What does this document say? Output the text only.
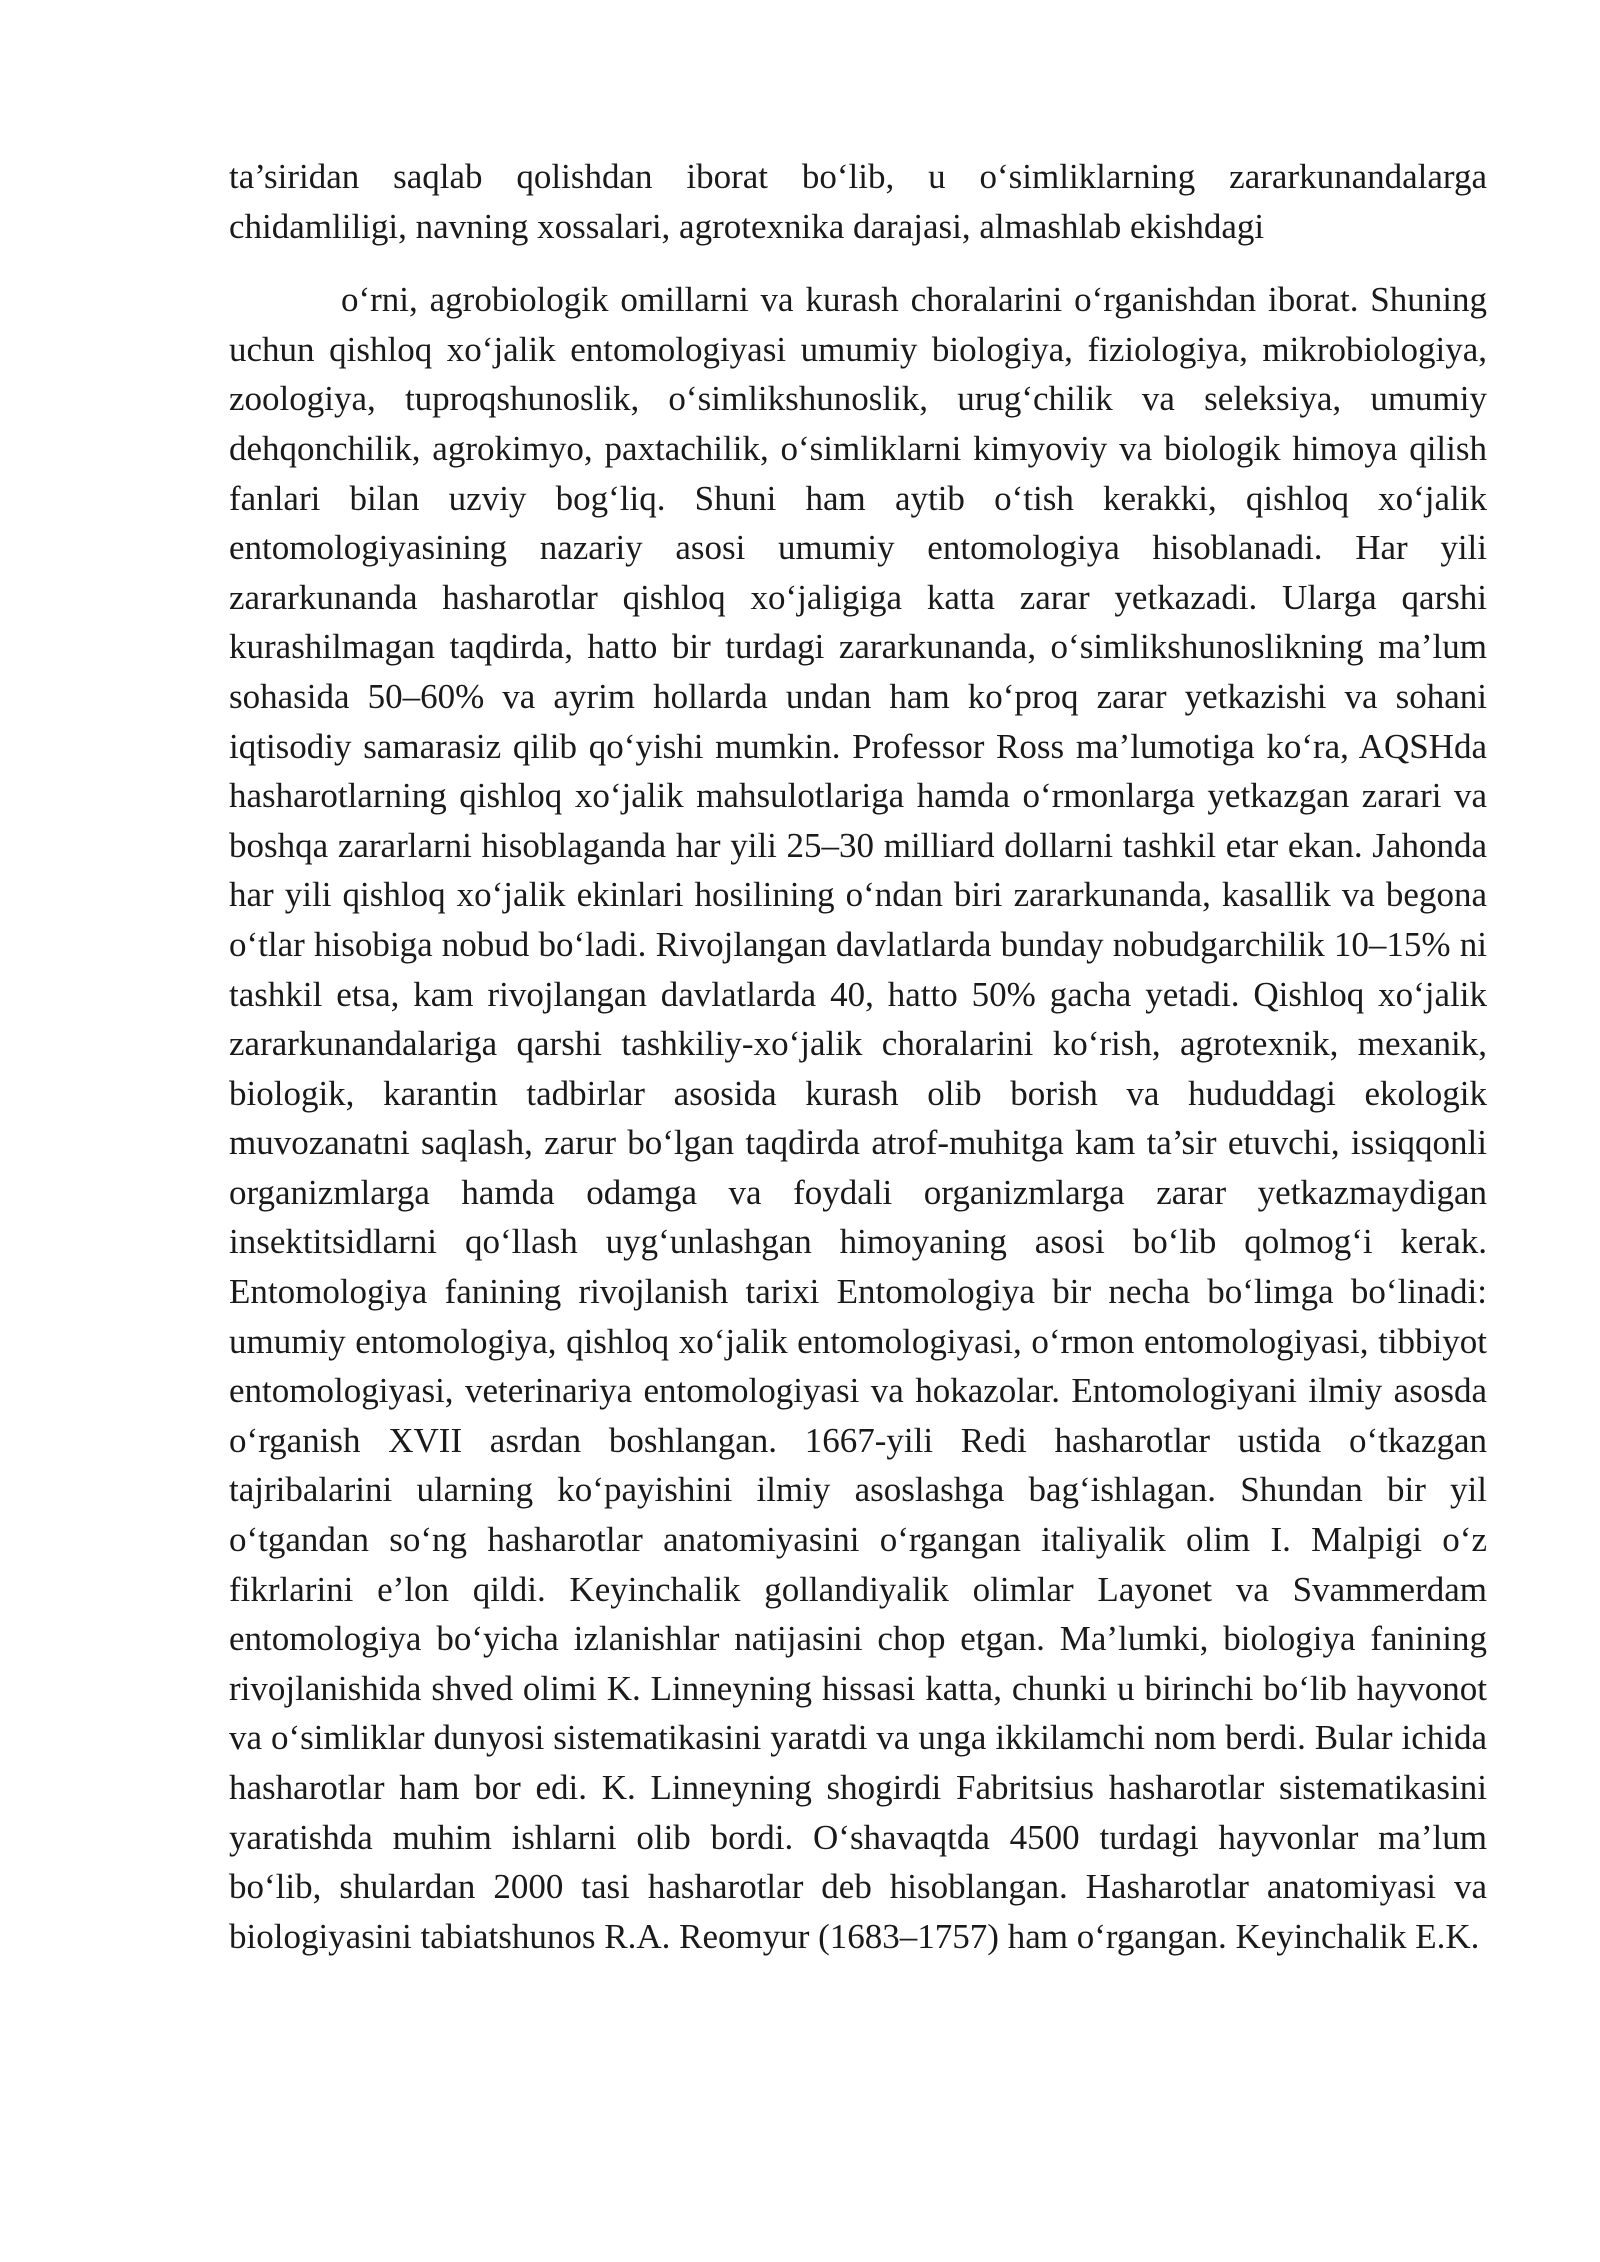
ta’siridan saqlab qolishdan iborat bo‘lib, u o‘simliklarning zararkunandalarga chidamliligi, navning xossalari, agrotexnika darajasi, almashlab ekishdagi

o‘rni, agrobiologik omillarni va kurash choralarini o‘rganishdan iborat. Shuning uchun qishloq xo‘jalik entomologiyasi umumiy biologiya, fiziologiya, mikrobiologiya, zoologiya, tuproqshunoslik, o‘simlikshunoslik, urug‘chilik va seleksiya, umumiy dehqonchilik, agrokimyo, paxtachilik, o‘simliklarni kimyoviy va biologik himoya qilish fanlari bilan uzviy bog‘liq. Shuni ham aytib o‘tish kerakki, qishloq xo‘jalik entomologiyasining nazariy asosi umumiy entomologiya hisoblanadi. Har yili zararkunanda hasharotlar qishloq xo‘jaligiga katta zarar yetkazadi. Ularga qarshi kurashilmagan taqdirda, hatto bir turdagi zararkunanda, o‘simlikshunoslikning ma’lum sohasida 50–60% va ayrim hollarda undan ham ko‘proq zarar yetkazishi va sohani iqtisodiy samarasiz qilib qo‘yishi mumkin. Professor Ross ma’lumotiga ko‘ra, AQSHda hasharotlarning qishloq xo‘jalik mahsulotlariga hamda o‘rmonlarga yetkazgan zarari va boshqa zararlarni hisoblaganda har yili 25–30 milliard dollarni tashkil etar ekan. Jahonda har yili qishloq xo‘jalik ekinlari hosilining o‘ndan biri zararkunanda, kasallik va begona o‘tlar hisobiga nobud bo‘ladi. Rivojlangan davlatlarda bunday nobudgarchilik 10–15% ni tashkil etsa, kam rivojlangan davlatlarda 40, hatto 50% gacha yetadi. Qishloq xo‘jalik zararkunandalariga qarshi tashkiliy-xo‘jalik choralarini ko‘rish, agrotexnik, mexanik, biologik, karantin tadbirlar asosida kurash olib borish va hududdagi ekologik muvozanatni saqlash, zarur bo‘lgan taqdirda atrof-muhitga kam ta’sir etuvchi, issiqqonli organizmlarga hamda odamga va foydali organizmlarga zarar yetkazmaydigan insektitsidlarni qo‘llash uyg‘unlashgan himoyaning asosi bo‘lib qolmog‘i kerak. Entomologiya fanining rivojlanish tarixi Entomologiya bir necha bo‘limga bo‘linadi: umumiy entomologiya, qishloq xo‘jalik entomologiyasi, o‘rmon entomologiyasi, tibbiyot entomologiyasi, veterinariya entomologiyasi va hokazolar. Entomologiyani ilmiy asosda o‘rganish XVII asrdan boshlangan. 1667-yili Redi hasharotlar ustida o‘tkazgan tajribalarini ularning ko‘payishini ilmiy asoslashga bag‘ishlagan. Shundan bir yil o‘tgandan so‘ng hasharotlar anatomiyasini o‘rgangan italiyalik olim I. Malpigi o‘z fikrlarini e’lon qildi. Keyinchalik gollandiyalik olimlar Layonet va Svammerdam entomologiya bo‘yicha izlanishlar natijasini chop etgan. Ma’lumki, biologiya fanining rivojlanishida shved olimi K. Linneyning hissasi katta, chunki u birinchi bo‘lib hayvonot va o‘simliklar dunyosi sistematikasini yaratdi va unga ikkilamchi nom berdi. Bular ichida hasharotlar ham bor edi. K. Linneyning shogirdi Fabritsius hasharotlar sistematikasini yaratishda muhim ishlarni olib bordi. O‘shavaqtda 4500 turdagi hayvonlar ma’lum bo‘lib, shulardan 2000 tasi hasharotlar deb hisoblangan. Hasharotlar anatomiyasi va biologiyasini tabiatshunos R.A. Reomyur (1683–1757) ham o‘rgangan. Keyinchalik E.K.
